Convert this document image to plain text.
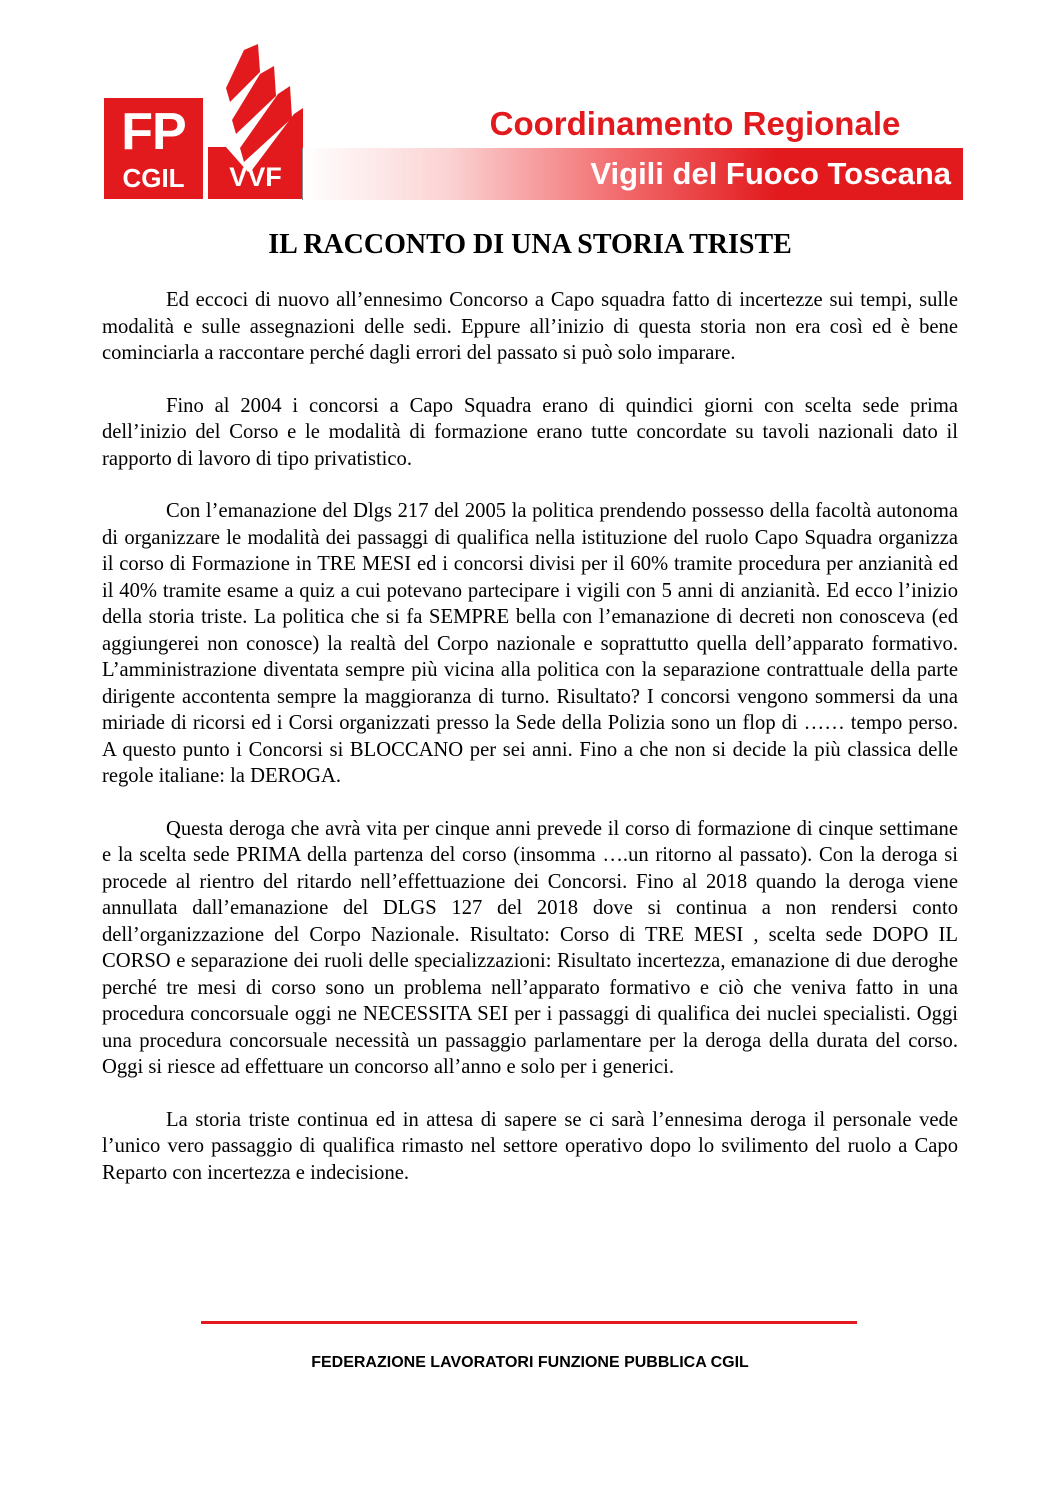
FP
CGIL	VVF
Coordinamento Regionale
Vigili del Fuoco Toscana
IL RACCONTO DI UNA STORIA TRISTE

Ed eccoci di nuovo all’ennesimo Concorso a Capo squadra fatto di incertezze sui tempi, sulle modalità e sulle assegnazioni delle sedi. Eppure all’inizio di questa storia non era così ed è bene cominciarla a raccontare perché dagli errori del passato si può solo imparare.

Fino al 2004 i concorsi a Capo Squadra erano di quindici giorni con scelta sede prima dell’inizio del Corso e le modalità di formazione erano tutte concordate su tavoli nazionali dato il rapporto di lavoro di tipo privatistico.

Con l’emanazione del Dlgs 217 del 2005 la politica prendendo possesso della facoltà autonoma di organizzare le modalità dei passaggi di qualifica nella istituzione del ruolo Capo Squadra organizza il corso di Formazione in TRE MESI ed i concorsi divisi per il 60% tramite procedura per anzianità ed il 40% tramite esame a quiz a cui potevano partecipare i vigili con 5 anni di anzianità. Ed ecco l’inizio della storia triste. La politica che si fa SEMPRE bella con l’emanazione di decreti non conosceva (ed aggiungerei non conosce) la realtà del Corpo nazionale e soprattutto quella dell’apparato formativo. L’amministrazione diventata sempre più vicina alla politica con la separazione contrattuale della parte dirigente accontenta sempre la maggioranza di turno. Risultato? I concorsi vengono sommersi da una miriade di ricorsi ed i Corsi organizzati presso la Sede della Polizia sono un flop di …… tempo perso. A questo punto i Concorsi si BLOCCANO per sei anni. Fino a che non si decide la più classica delle regole italiane: la DEROGA.

Questa deroga che avrà vita per cinque anni prevede il corso di formazione di cinque settimane e la scelta sede PRIMA della partenza del corso (insomma ….un ritorno al passato). Con la deroga si procede al rientro del ritardo nell’effettuazione dei Concorsi. Fino al 2018 quando la deroga viene annullata dall’emanazione del DLGS 127 del 2018 dove si continua a non rendersi conto dell’organizzazione del Corpo Nazionale. Risultato: Corso di TRE MESI , scelta sede DOPO IL CORSO e separazione dei ruoli delle specializzazioni: Risultato incertezza, emanazione di due deroghe perché tre mesi di corso sono un problema nell’apparato formativo e ciò che veniva fatto in una procedura concorsuale oggi ne NECESSITA SEI per i passaggi di qualifica dei nuclei specialisti. Oggi una procedura concorsuale necessità un passaggio parlamentare per la deroga della durata del corso. Oggi si riesce ad effettuare un concorso all’anno e solo per i generici.

La storia triste continua ed in attesa di sapere se ci sarà l’ennesima deroga il personale vede l’unico vero passaggio di qualifica rimasto nel settore operativo dopo lo svilimento del ruolo a Capo Reparto con incertezza e indecisione.

FEDERAZIONE LAVORATORI FUNZIONE PUBBLICA CGIL
